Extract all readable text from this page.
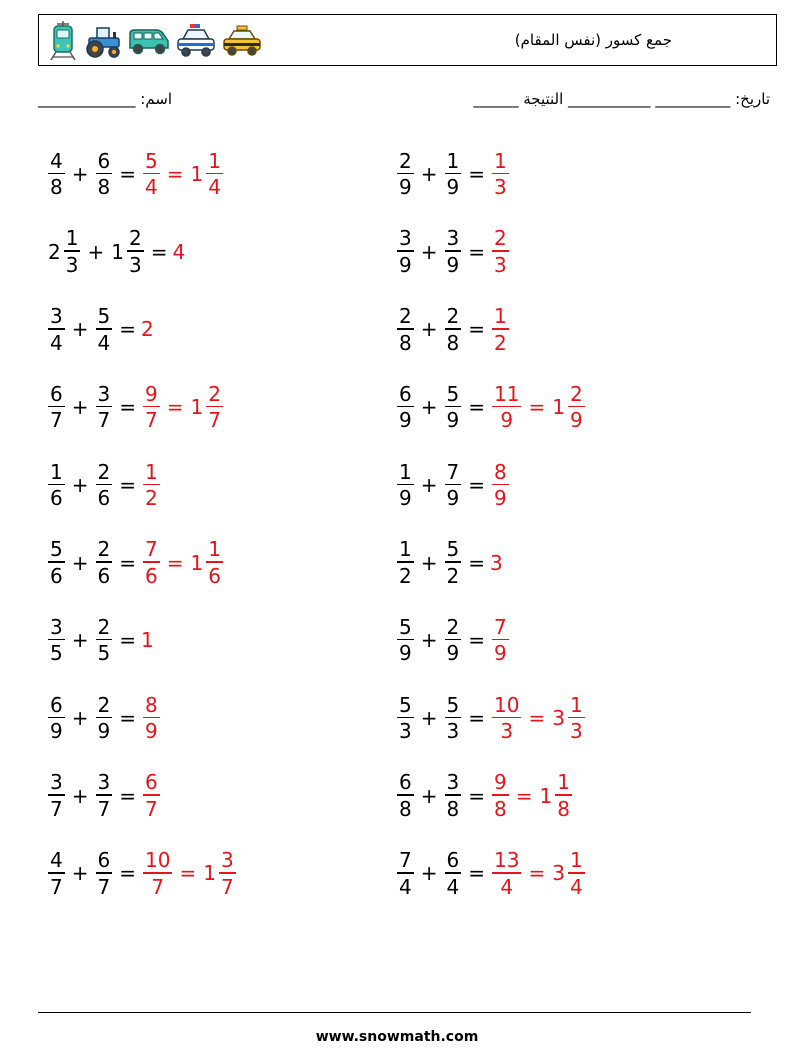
جمع كسور (نفس المقام)
اسم: _____________	تاريخ: __________ ___________ النتيجة ______
$\frac{4}{8} + \frac{6}{8} = \frac{5}{4} = 1 \frac{1}{4}$	$\frac{2}{9} + \frac{1}{9} = \frac{1}{3}$
$2 \frac{1}{3} + 1 \frac{2}{3} = 4$	$\frac{3}{9} + \frac{3}{9} = \frac{2}{3}$
$\frac{3}{4} + \frac{5}{4} = 2$	$\frac{2}{8} + \frac{2}{8} = \frac{1}{2}$
$\frac{6}{7} + \frac{3}{7} = \frac{9}{7} = 1 \frac{2}{7}$	$\frac{6}{9} + \frac{5}{9} = \frac{11}{9} = 1 \frac{2}{9}$
$\frac{1}{6} + \frac{2}{6} = \frac{1}{2}$	$\frac{1}{9} + \frac{7}{9} = \frac{8}{9}$
$\frac{5}{6} + \frac{2}{6} = \frac{7}{6} = 1 \frac{1}{6}$	$\frac{1}{2} + \frac{5}{2} = 3$
$\frac{3}{5} + \frac{2}{5} = 1$	$\frac{5}{9} + \frac{2}{9} = \frac{7}{9}$
$\frac{6}{9} + \frac{2}{9} = \frac{8}{9}$	$\frac{5}{3} + \frac{5}{3} = \frac{10}{3} = 3 \frac{1}{3}$
$\frac{3}{7} + \frac{3}{7} = \frac{6}{7}$	$\frac{6}{8} + \frac{3}{8} = \frac{9}{8} = 1 \frac{1}{8}$
$\frac{4}{7} + \frac{6}{7} = \frac{10}{7} = 1 \frac{3}{7}$	$\frac{7}{4} + \frac{6}{4} = \frac{13}{4} = 3 \frac{1}{4}$
www.snowmath.com
